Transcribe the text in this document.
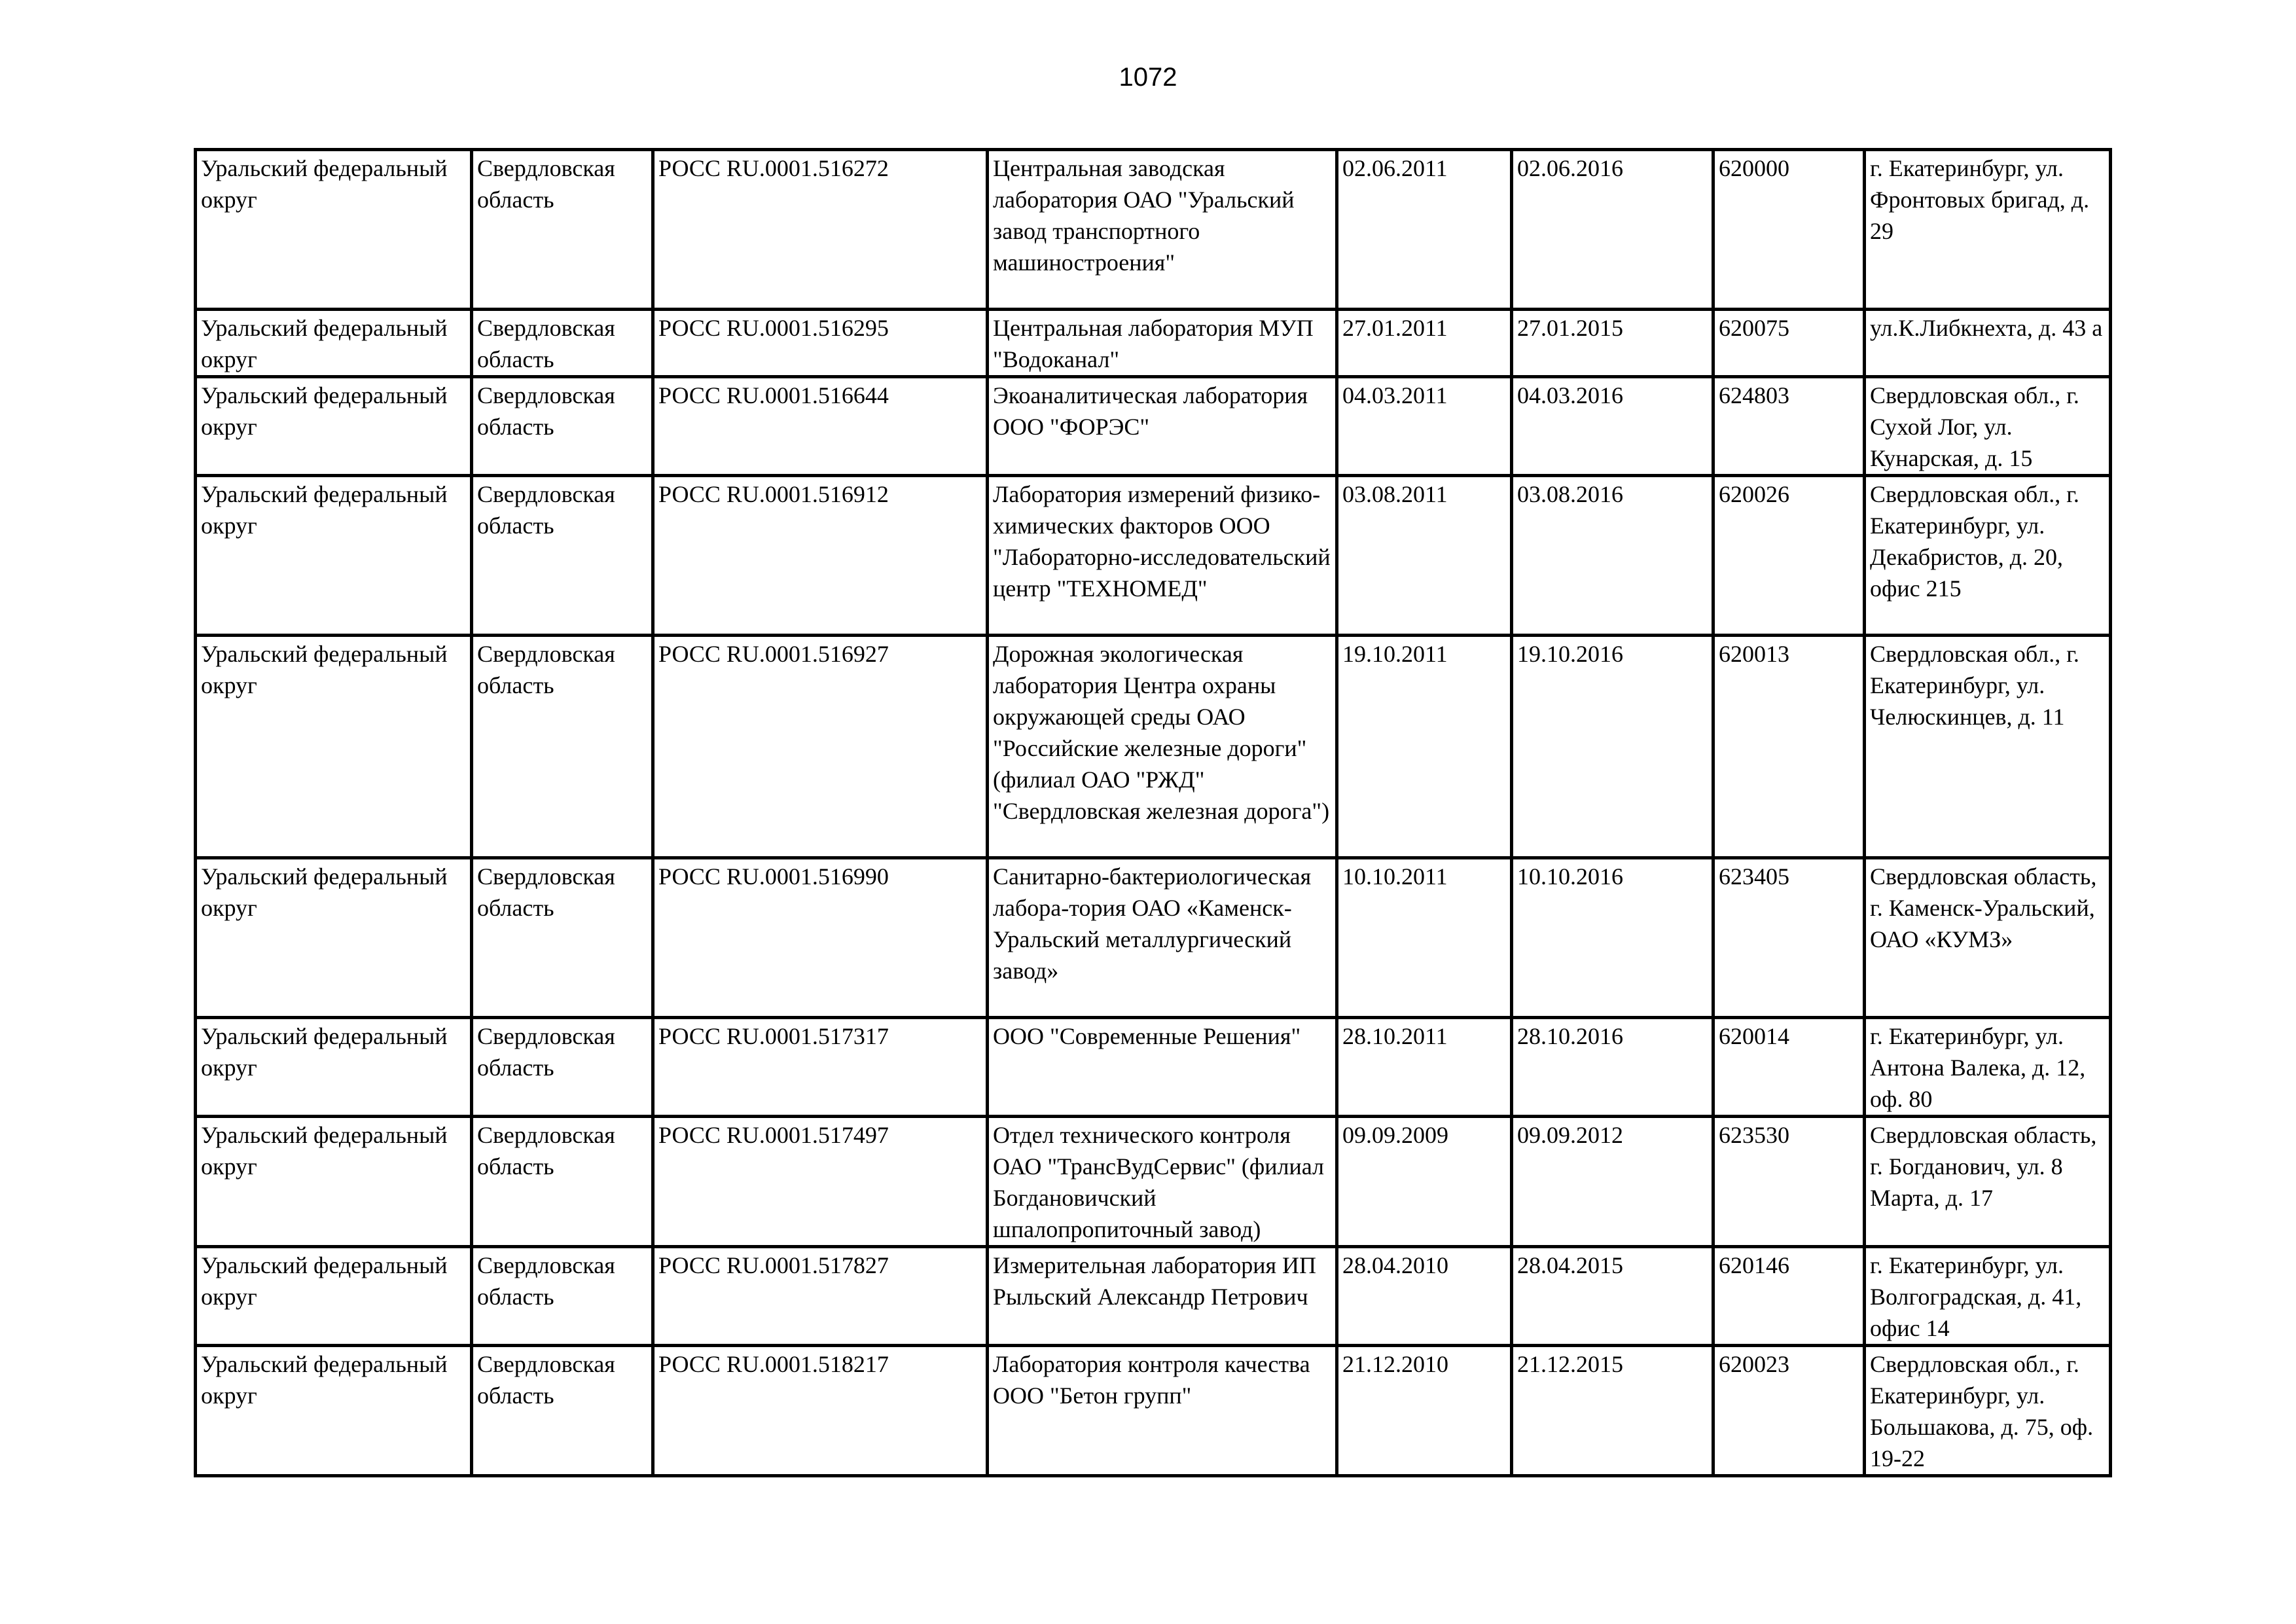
1072
Уральский федеральный округ	Свердловская область	РОСС RU.0001.516272	Центральная заводская лаборатория ОАО "Уральский завод транспортного машиностроения"	02.06.2011	02.06.2016	620000	г. Екатеринбург, ул. Фронтовых бригад, д. 29
Уральский федеральный округ	Свердловская область	РОСС RU.0001.516295	Центральная лаборатория МУП "Водоканал"	27.01.2011	27.01.2015	620075	ул.К.Либкнехта, д. 43 а
Уральский федеральный округ	Свердловская область	РОСС RU.0001.516644	Экоаналитическая лаборатория ООО "ФОРЭС"	04.03.2011	04.03.2016	624803	Свердловская обл., г. Сухой Лог, ул. Кунарская, д. 15
Уральский федеральный округ	Свердловская область	РОСС RU.0001.516912	Лаборатория измерений физико-химических факторов ООО "Лабораторно-исследовательский центр "ТЕХНОМЕД"	03.08.2011	03.08.2016	620026	Свердловская обл., г. Екатеринбург, ул. Декабристов, д. 20, офис 215
Уральский федеральный округ	Свердловская область	РОСС RU.0001.516927	Дорожная экологическая лаборатория Центра охраны окружающей среды ОАО "Российские железные дороги" (филиал ОАО "РЖД" "Свердловская железная дорога")	19.10.2011	19.10.2016	620013	Свердловская обл., г. Екатеринбург, ул. Челюскинцев, д. 11
Уральский федеральный округ	Свердловская область	РОСС RU.0001.516990	Санитарно-бактериологическая лабора-тория ОАО «Каменск-Уральский металлургический завод»	10.10.2011	10.10.2016	623405	Свердловская область, г. Каменск-Уральский, ОАО «КУМЗ»
Уральский федеральный округ	Свердловская область	РОСС RU.0001.517317	ООО "Современные Решения"	28.10.2011	28.10.2016	620014	г. Екатеринбург, ул. Антона Валека, д. 12, оф. 80
Уральский федеральный округ	Свердловская область	РОСС RU.0001.517497	Отдел технического контроля ОАО "ТрансВудСервис" (филиал Богдановичский шпалопропиточный завод)	09.09.2009	09.09.2012	623530	Свердловская область, г. Богданович, ул. 8 Марта, д. 17
Уральский федеральный округ	Свердловская область	РОСС RU.0001.517827	Измерительная лаборатория ИП Рыльский Александр Петрович	28.04.2010	28.04.2015	620146	г. Екатеринбург, ул. Волгоградская, д. 41, офис 14
Уральский федеральный округ	Свердловская область	РОСС RU.0001.518217	Лаборатория контроля качества ООО "Бетон групп"	21.12.2010	21.12.2015	620023	Свердловская обл., г. Екатеринбург, ул. Большакова, д. 75, оф. 19-22
